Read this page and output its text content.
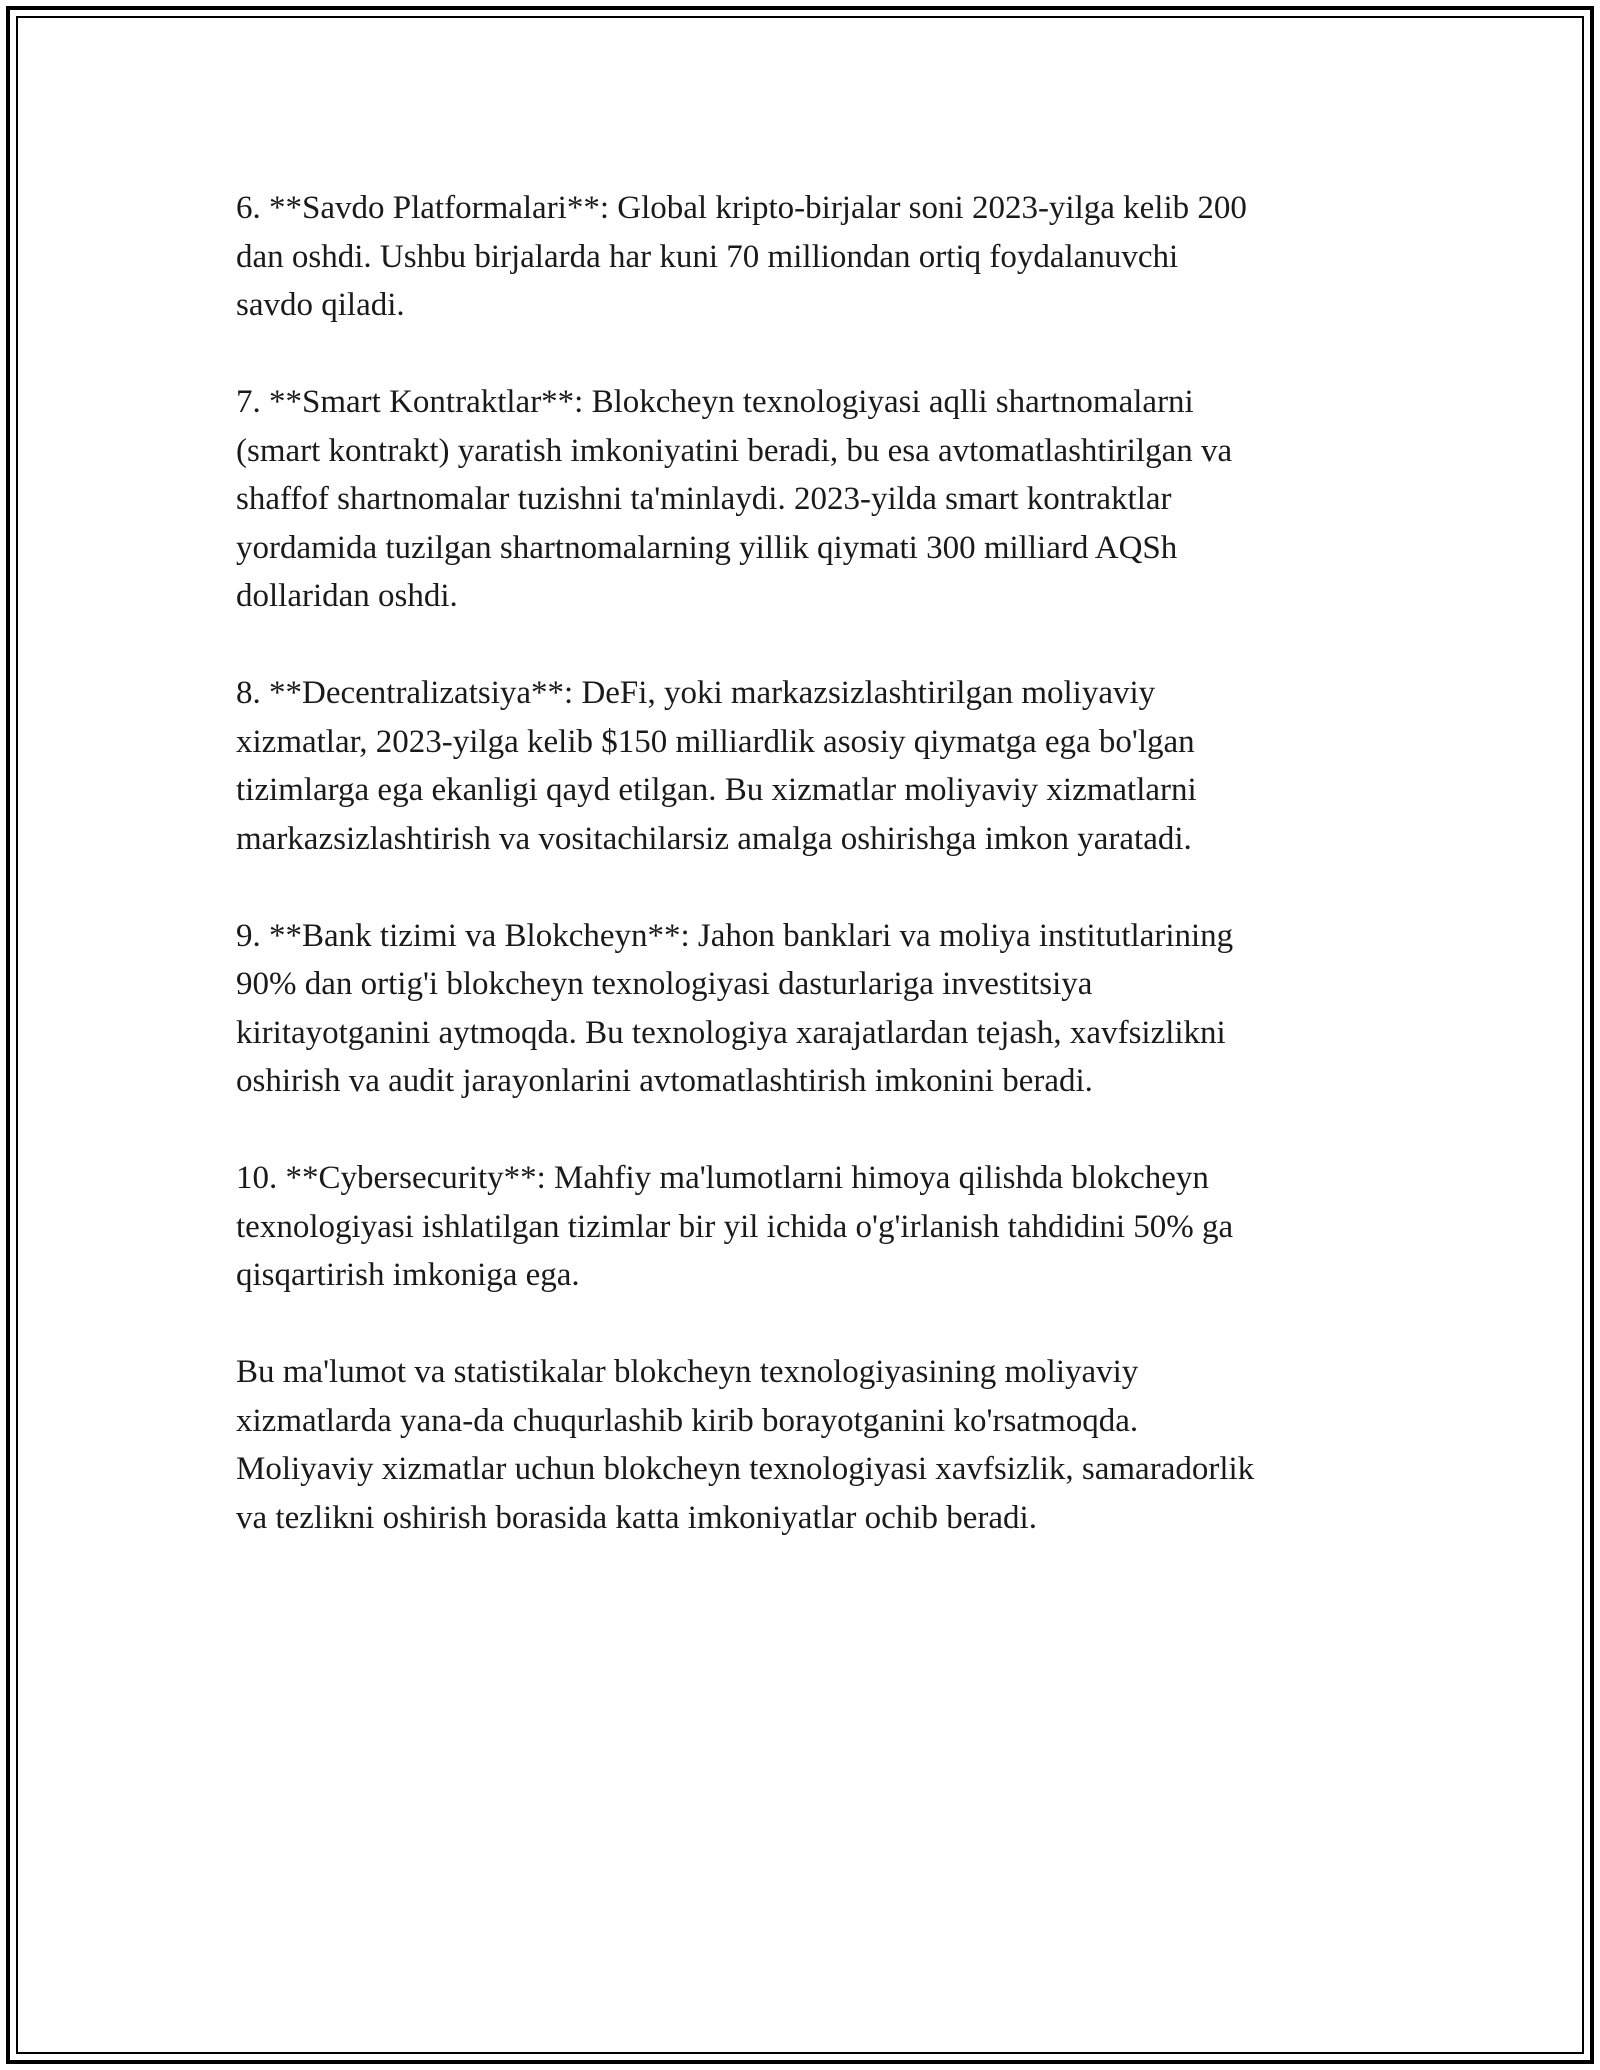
6. **Savdo Platformalari**: Global kripto-birjalar soni 2023-yilga kelib 200
dan oshdi. Ushbu birjalarda har kuni 70 milliondan ortiq foydalanuvchi
savdo qiladi.

7. **Smart Kontraktlar**: Blokcheyn texnologiyasi aqlli shartnomalarni
(smart kontrakt) yaratish imkoniyatini beradi, bu esa avtomatlashtirilgan va
shaffof shartnomalar tuzishni ta'minlaydi. 2023-yilda smart kontraktlar
yordamida tuzilgan shartnomalarning yillik qiymati 300 milliard AQSh
dollaridan oshdi.

8. **Decentralizatsiya**: DeFi, yoki markazsizlashtirilgan moliyaviy
xizmatlar, 2023-yilga kelib $150 milliardlik asosiy qiymatga ega bo'lgan
tizimlarga ega ekanligi qayd etilgan. Bu xizmatlar moliyaviy xizmatlarni
markazsizlashtirish va vositachilarsiz amalga oshirishga imkon yaratadi.

9. **Bank tizimi va Blokcheyn**: Jahon banklari va moliya institutlarining
90% dan ortig'i blokcheyn texnologiyasi dasturlariga investitsiya
kiritayotganini aytmoqda. Bu texnologiya xarajatlardan tejash, xavfsizlikni
oshirish va audit jarayonlarini avtomatlashtirish imkonini beradi.

10. **Cybersecurity**: Mahfiy ma'lumotlarni himoya qilishda blokcheyn
texnologiyasi ishlatilgan tizimlar bir yil ichida o'g'irlanish tahdidini 50% ga
qisqartirish imkoniga ega.

Bu ma'lumot va statistikalar blokcheyn texnologiyasining moliyaviy
xizmatlarda yana-da chuqurlashib kirib borayotganini ko'rsatmoqda.
Moliyaviy xizmatlar uchun blokcheyn texnologiyasi xavfsizlik, samaradorlik
va tezlikni oshirish borasida katta imkoniyatlar ochib beradi.
